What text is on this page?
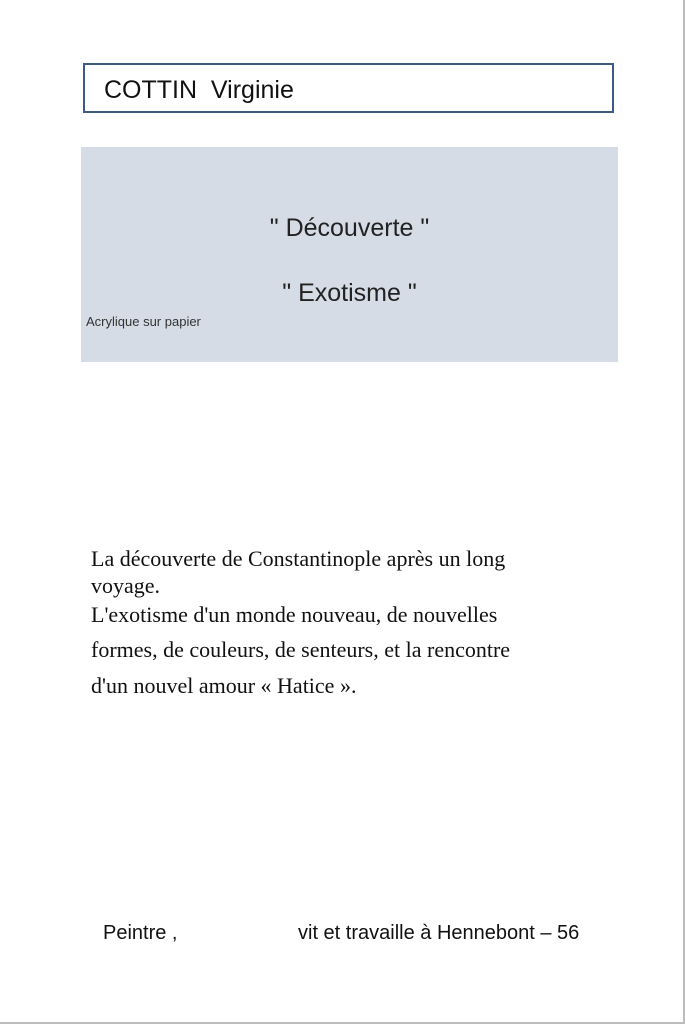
COTTIN  Virginie
" Découverte "
" Exotisme "
Acrylique sur papier

La découverte de Constantinople après un long

voyage.

L'exotisme d'un monde nouveau, de nouvelles

formes, de couleurs, de senteurs, et la rencontre

d'un nouvel amour « Hatice ».

Peintre ,	vit et travaille à Hennebont – 56
